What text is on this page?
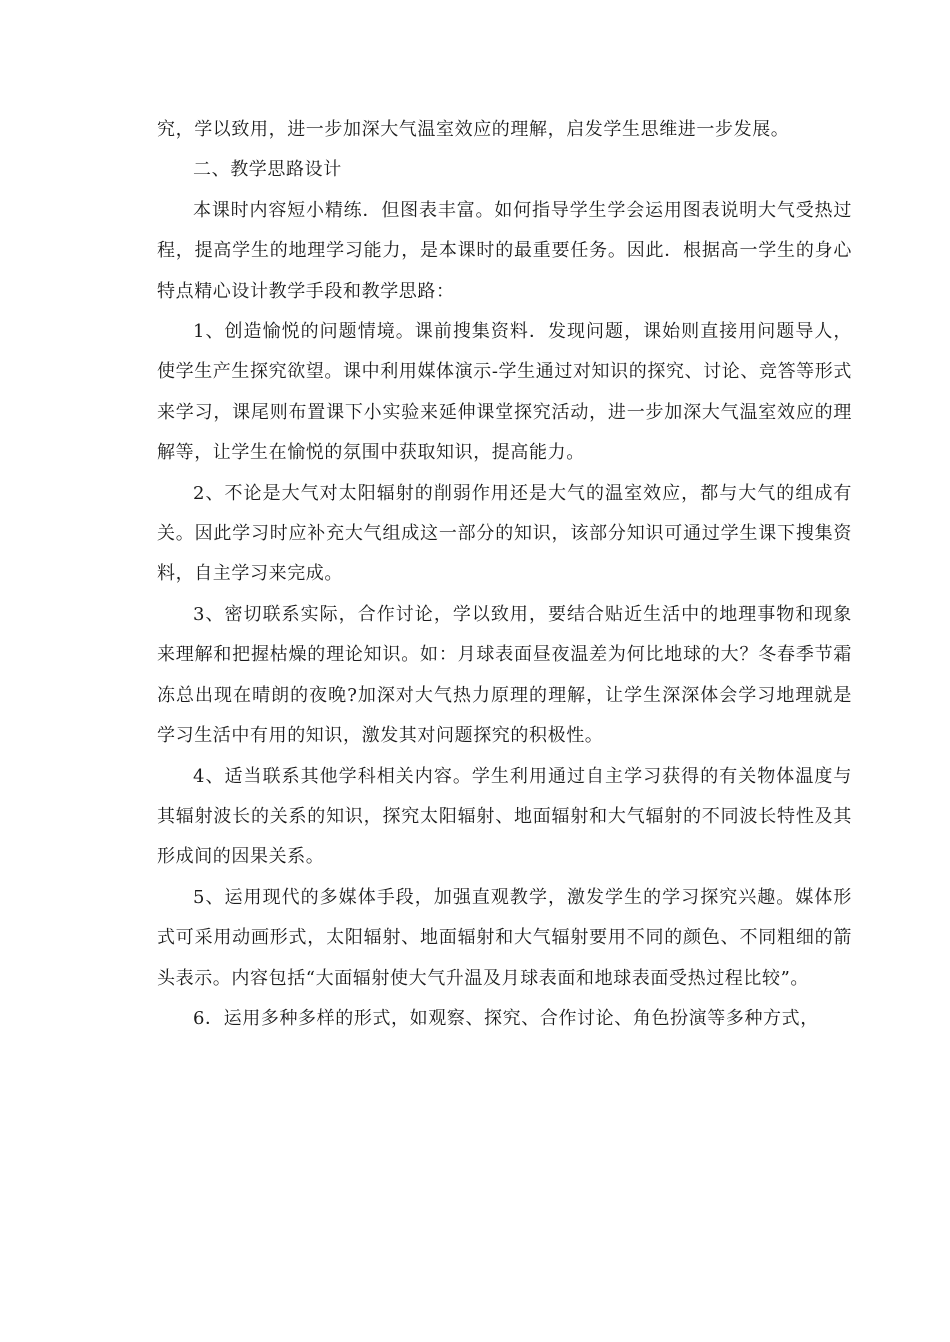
究，学以致用，进一步加深大气温室效应的理解，启发学生思维进一步发展。

二、教学思路设计

本课时内容短小精练．但图表丰富。如何指导学生学会运用图表说明大气受热过程，提高学生的地理学习能力，是本课时的最重要任务。因此．根据高一学生的身心特点精心设计教学手段和教学思路：

1、创造愉悦的问题情境。课前搜集资料．发现问题，课始则直接用问题导人，使学生产生探究欲望。课中利用媒体演示-学生通过对知识的探究、讨论、竞答等形式来学习，课尾则布置课下小实验来延伸课堂探究活动，进一步加深大气温室效应的理解等，让学生在愉悦的氛围中获取知识，提高能力。

2、不论是大气对太阳辐射的削弱作用还是大气的温室效应，都与大气的组成有关。因此学习时应补充大气组成这一部分的知识，该部分知识可通过学生课下搜集资料，自主学习来完成。

3、密切联系实际，合作讨论，学以致用，要结合贴近生活中的地理事物和现象来理解和把握枯燥的理论知识。如：月球表面昼夜温差为何比地球的大？冬春季节霜冻总出现在晴朗的夜晚?加深对大气热力原理的理解，让学生深深体会学习地理就是学习生活中有用的知识，激发其对问题探究的积极性。

4、适当联系其他学科相关内容。学生利用通过自主学习获得的有关物体温度与其辐射波长的关系的知识，探究太阳辐射、地面辐射和大气辐射的不同波长特性及其形成间的因果关系。

5、运用现代的多媒体手段，加强直观教学，激发学生的学习探究兴趣。媒体形式可采用动画形式，太阳辐射、地面辐射和大气辐射要用不同的颜色、不同粗细的箭头表示。内容包括“大面辐射使大气升温及月球表面和地球表面受热过程比较”。

6．运用多种多样的形式，如观察、探究、合作讨论、角色扮演等多种方式，
